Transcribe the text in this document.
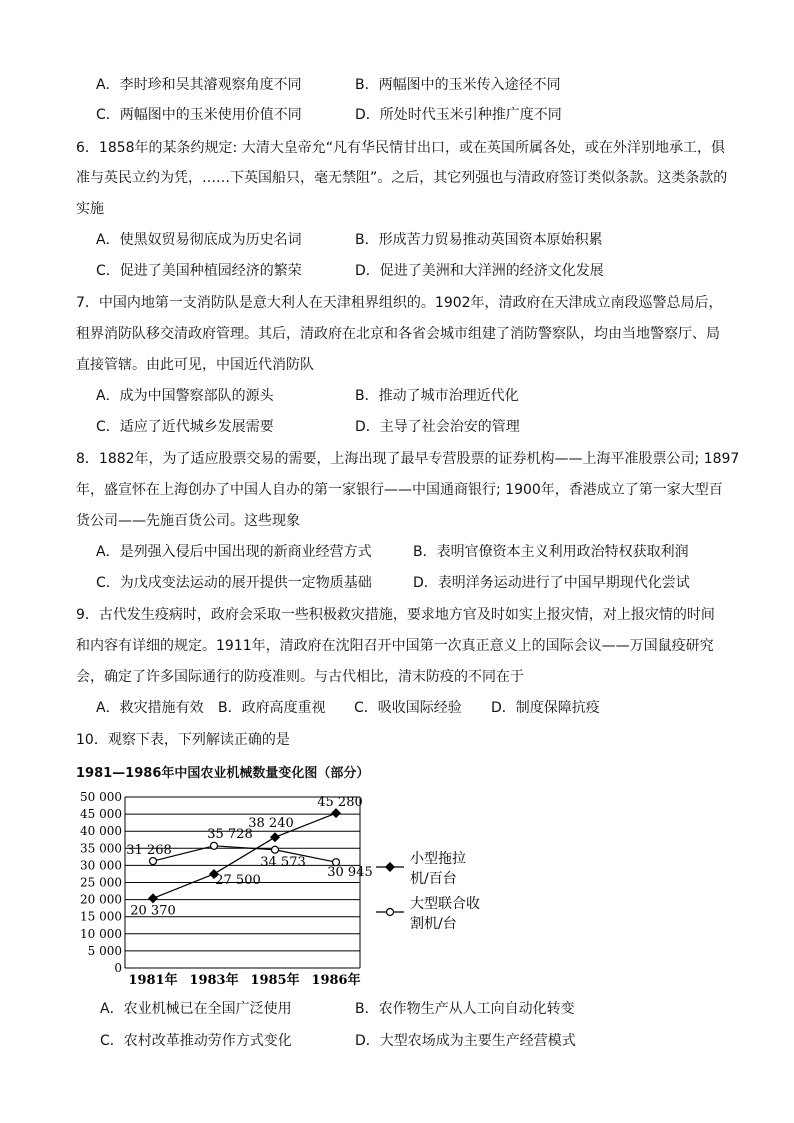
A．李时珍和吴其濬观察角度不同	B．两幅图中的玉米传入途径不同
C．两幅图中的玉米使用价值不同	D．所处时代玉米引种推广度不同
6．1858年的某条约规定: 大清大皇帝允“凡有华民情甘出口，或在英国所属各处，或在外洋别地承工，俱
准与英民立约为凭，……下英国船只，毫无禁阻”。之后，其它列强也与清政府签订类似条款。这类条款的
实施
A．使黑奴贸易彻底成为历史名词	B．形成苦力贸易推动英国资本原始积累
C．促进了美国种植园经济的繁荣	D．促进了美洲和大洋洲的经济文化发展
7．中国内地第一支消防队是意大利人在天津租界组织的。1902年，清政府在天津成立南段巡警总局后，
租界消防队移交清政府管理。其后，清政府在北京和各省会城市组建了消防警察队，均由当地警察厅、局
直接管辖。由此可见，中国近代消防队
A．成为中国警察部队的源头	B．推动了城市治理近代化
C．适应了近代城乡发展需要	D．主导了社会治安的管理
8．1882年，为了适应股票交易的需要，上海出现了最早专营股票的证券机构——上海平准股票公司; 1897
年，盛宣怀在上海创办了中国人自办的第一家银行——中国通商银行; 1900年，香港成立了第一家大型百
货公司——先施百货公司。这些现象
A．是列强入侵后中国出现的新商业经营方式	B．表明官僚资本主义利用政治特权获取利润
C．为戊戌变法运动的展开提供一定物质基础	D．表明洋务运动进行了中国早期现代化尝试
9．古代发生疫病时，政府会采取一些积极救灾措施，要求地方官及时如实上报灾情，对上报灾情的时间
和内容有详细的规定。1911年，清政府在沈阳召开中国第一次真正意义上的国际会议——万国鼠疫研究
会，确定了许多国际通行的防疫准则。与古代相比，清末防疫的不同在于
A．救灾措施有效 B．政府高度重视 C．吸收国际经验 D．制度保障抗疫
10．观察下表，下列解读正确的是
1981—1986年中国农业机械数量变化图（部分）
0
5 000
10 000
15 000
20 000
25 000
30 000
35 000
40 000
45 000
50 000
1981年 1983年 1985年 1986年
20 370
27 500
38 240
45 280
31 268
35 728
34 573
30 945
小型拖拉
机/百台
大型联合收
割机/台
A．农业机械已在全国广泛使用	B．农作物生产从人工向自动化转变
C．农村改革推动劳作方式变化	D．大型农场成为主要生产经营模式
